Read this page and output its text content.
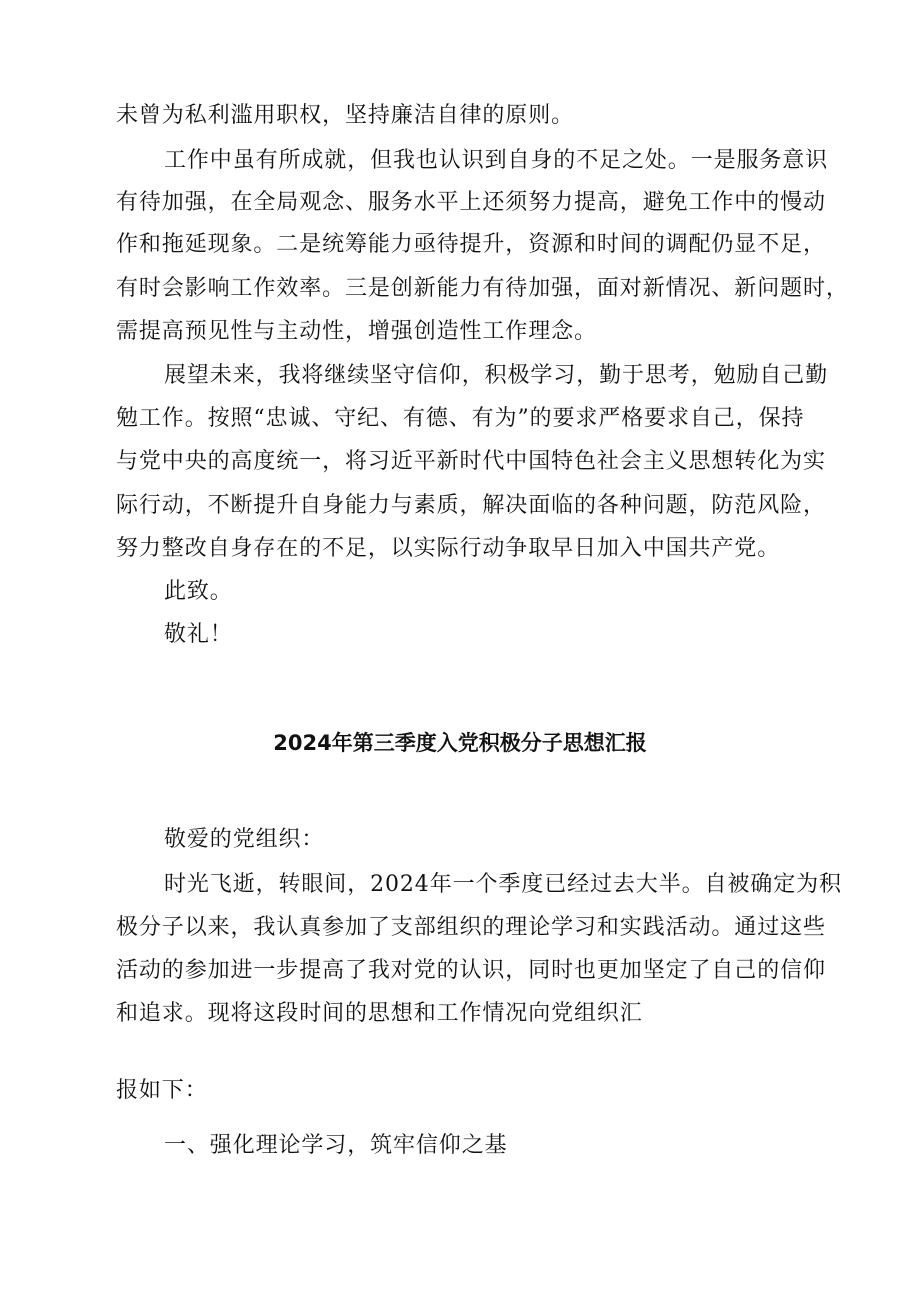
未曾为私利滥用职权，坚持廉洁自律的原则。
工作中虽有所成就，但我也认识到自身的不足之处。一是服务意识
有待加强，在全局观念、服务水平上还须努力提高，避免工作中的慢动
作和拖延现象。二是统筹能力亟待提升，资源和时间的调配仍显不足，
有时会影响工作效率。三是创新能力有待加强，面对新情况、新问题时，
需提高预见性与主动性，增强创造性工作理念。
展望未来，我将继续坚守信仰，积极学习，勤于思考，勉励自己勤
勉工作。按照“忠诚、守纪、有德、有为”的要求严格要求自己，保持
与党中央的高度统一，将习近平新时代中国特色社会主义思想转化为实
际行动，不断提升自身能力与素质，解决面临的各种问题，防范风险，
努力整改自身存在的不足，以实际行动争取早日加入中国共产党。
此致。
敬礼！
2024年第三季度入党积极分子思想汇报
敬爱的党组织：
时光飞逝，转眼间，2024年一个季度已经过去大半。自被确定为积
极分子以来，我认真参加了支部组织的理论学习和实践活动。通过这些
活动的参加进一步提高了我对党的认识，同时也更加坚定了自己的信仰
和追求。现将这段时间的思想和工作情况向党组织汇
报如下：
一、强化理论学习，筑牢信仰之基
